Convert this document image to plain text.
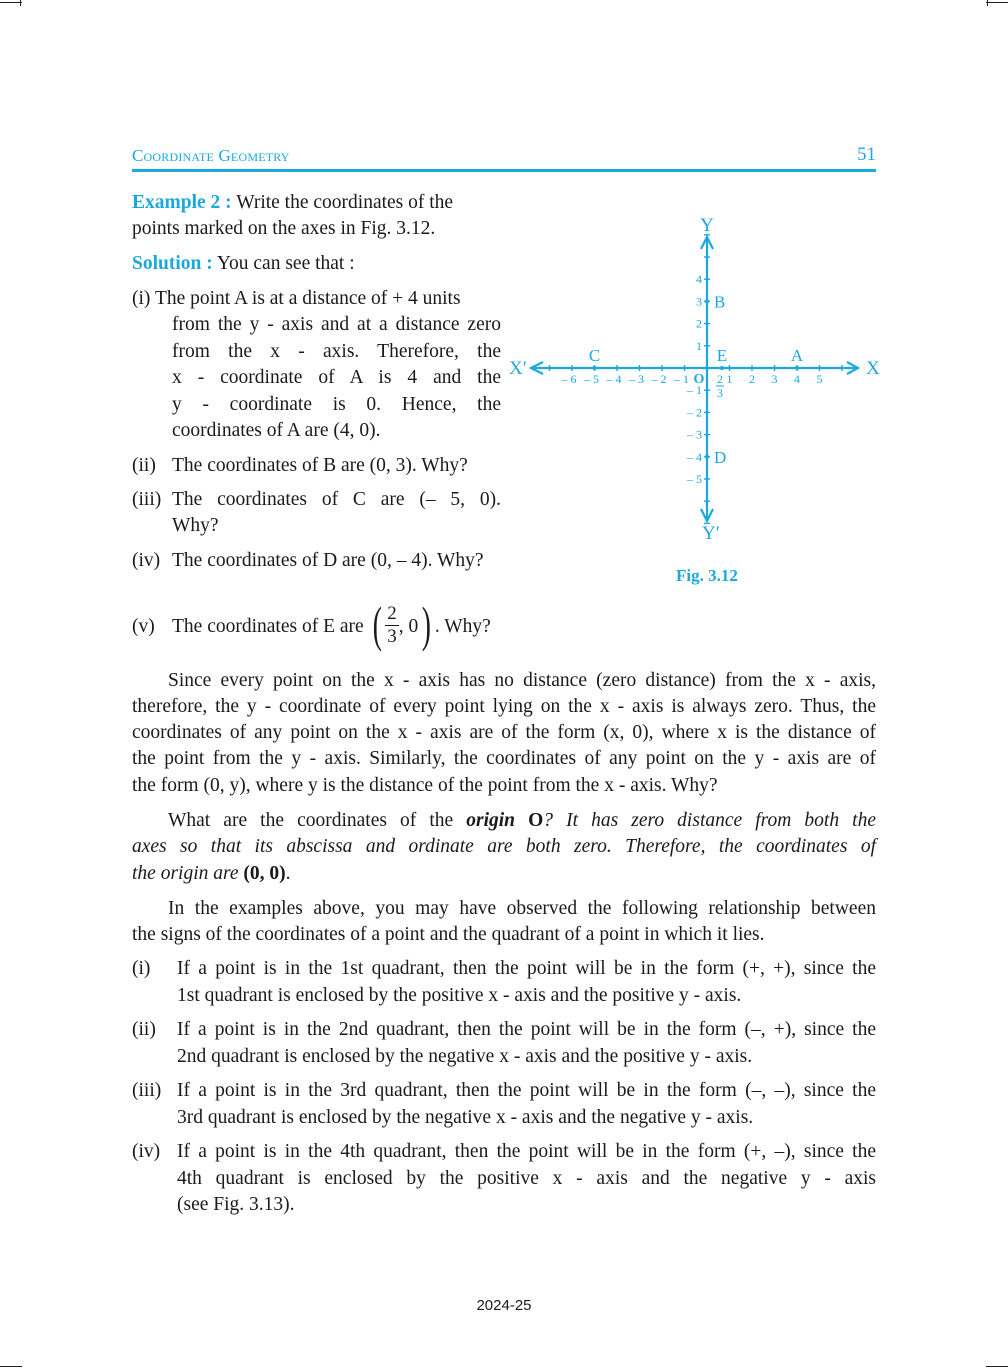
Coordinate Geometry	51
Example 2 : Write the coordinates of the
points marked on the axes in Fig. 3.12.
Solution : You can see that :
(i) The point A is at a distance of + 4 units
from the y - axis and at a distance zero
from the x - axis. Therefore, the
x - coordinate of A is 4 and the
y - coordinate is 0. Hence, the
coordinates of A are (4, 0).
(ii) The coordinates of B are (0, 3). Why?
(iii) The coordinates of C are (– 5, 0).
Why?
(iv) The coordinates of D are (0, – 4). Why?
(v) The coordinates of E are ( $\frac{2}{3}$ , 0) . Why?
– 6 – 5 – 4 – 3 – 2 – 1	1 2 3 4 5
4
3
2
1
– 1
– 2
– 3
– 4
– 5
A
B
C
D
E
2
3
X
X′
Y
Y′
O
Fig. 3.12
Since every point on the x - axis has no distance (zero distance) from the x - axis,
therefore, the y - coordinate of every point lying on the x - axis is always zero. Thus, the
coordinates of any point on the x - axis are of the form (x, 0), where x is the distance of
the point from the y - axis. Similarly, the coordinates of any point on the y - axis are of
the form (0, y), where y is the distance of the point from the x - axis. Why?
What are the coordinates of the origin O? It has zero distance from both the
axes so that its abscissa and ordinate are both zero. Therefore, the coordinates of
the origin are (0, 0).
In the examples above, you may have observed the following relationship between
the signs of the coordinates of a point and the quadrant of a point in which it lies.
(i) If a point is in the 1st quadrant, then the point will be in the form (+, +), since the
1st quadrant is enclosed by the positive x - axis and the positive y - axis.
(ii) If a point is in the 2nd quadrant, then the point will be in the form (–, +), since the
2nd quadrant is enclosed by the negative x - axis and the positive y - axis.
(iii) If a point is in the 3rd quadrant, then the point will be in the form (–, –), since the
3rd quadrant is enclosed by the negative x - axis and the negative y - axis.
(iv) If a point is in the 4th quadrant, then the point will be in the form (+, –), since the
4th quadrant is enclosed by the positive x - axis and the negative y - axis
(see Fig. 3.13).
2024-25
